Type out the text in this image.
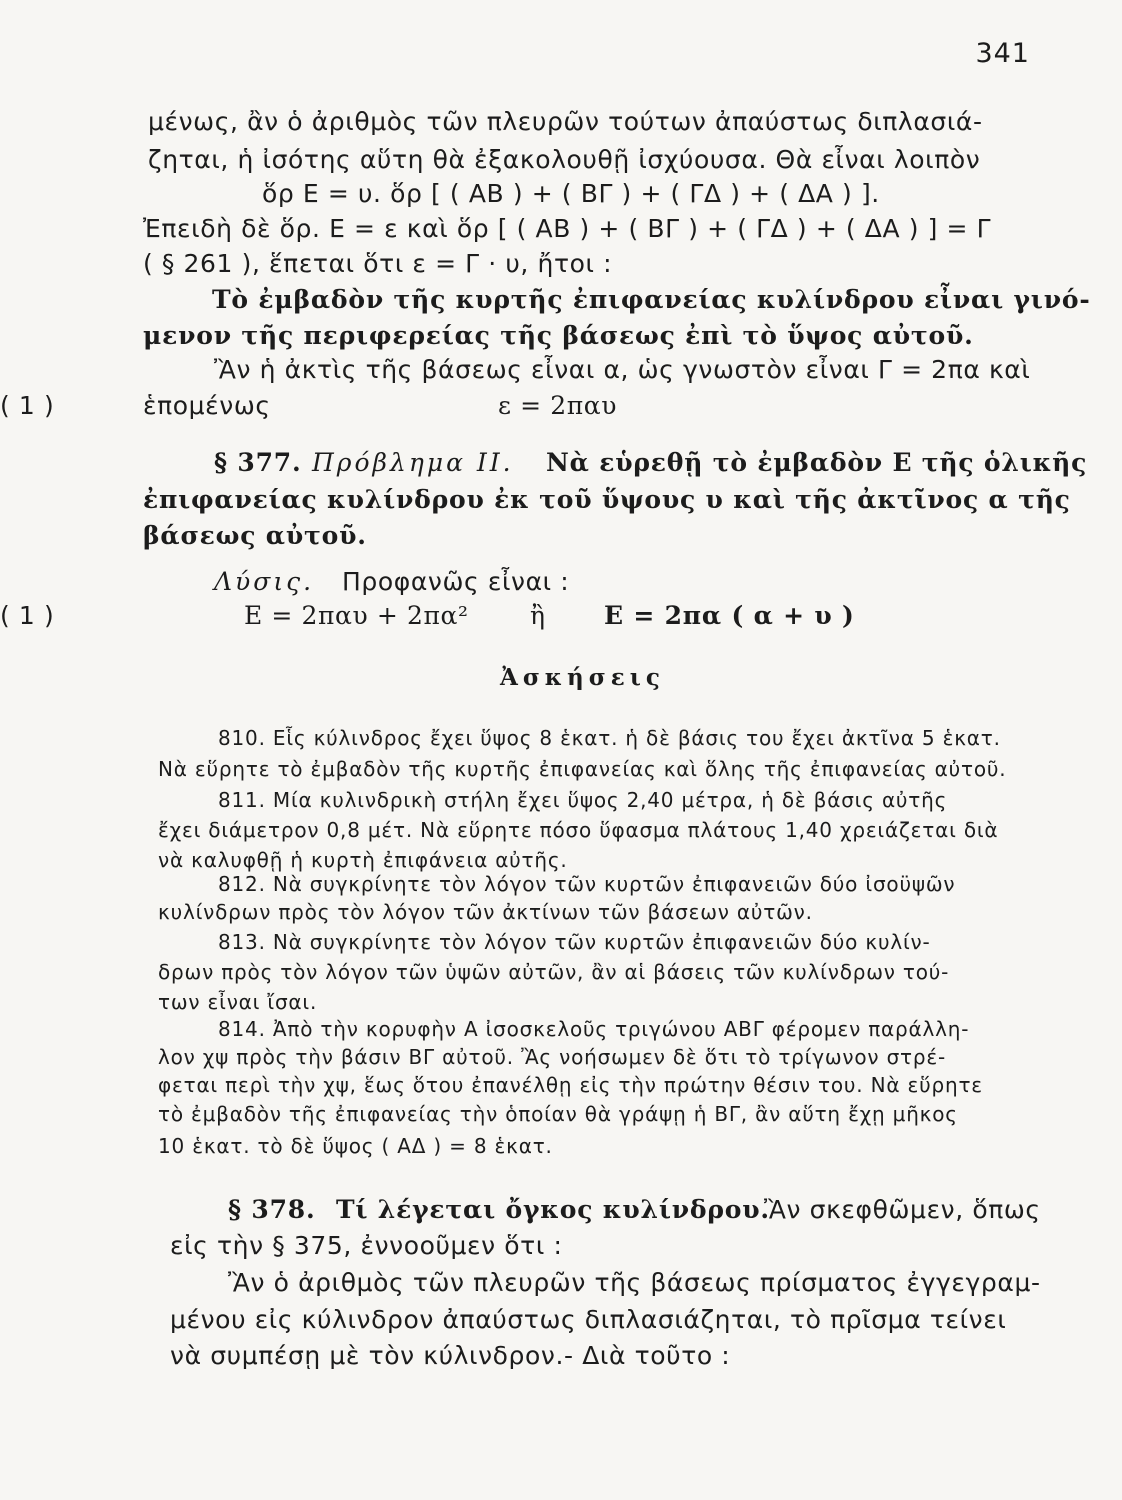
341
μένως, ἂν ὁ ἀριθμὸς τῶν πλευρῶν τούτων ἀπαύστως διπλασιά-
ζηται, ἡ ἰσότης αὕτη θὰ ἐξακολουθῇ ἰσχύουσα. Θὰ εἶναι λοιπὸν
ὅρ Ε = υ. ὅρ [ ( ΑΒ ) + ( ΒΓ ) + ( ΓΔ ) + ( ΔΑ ) ].
Ἐπειδὴ δὲ ὅρ. Ε = ε καὶ ὅρ [ ( ΑΒ ) + ( ΒΓ ) + ( ΓΔ ) + ( ΔΑ ) ] = Γ
( § 261 ), ἕπεται ὅτι ε = Γ · υ, ἤτοι :
Τὸ ἐμβαδὸν τῆς κυρτῆς ἐπιφανείας κυλίνδρου εἶναι γινό-
μενον τῆς περιφερείας τῆς βάσεως ἐπὶ τὸ ὕψος αὐτοῦ.
Ἂν ἡ ἀκτὶς τῆς βάσεως εἶναι α, ὡς γνωστὸν εἶναι Γ = 2πα καὶ
ἑπομένως	ε = 2παυ
( 1 )
§ 377. Πρόβλημα ΙΙ. Νὰ εὑρεθῇ τὸ ἐμβαδὸν Ε τῆς ὁλικῆς
ἐπιφανείας κυλίνδρου ἐκ τοῦ ὕψους υ καὶ τῆς ἀκτῖνος α τῆς
βάσεως αὐτοῦ.
Λύσις. Προφανῶς εἶναι :
Ε = 2παυ + 2πα² ἢ Ε = 2πα ( α + υ )
( 1 )
Ἀσκήσεις
810. Εἷς κύλινδρος ἔχει ὕψος 8 ἑκατ. ἡ δὲ βάσις του ἔχει ἀκτῖνα 5 ἑκατ.
Νὰ εὕρητε τὸ ἐμβαδὸν τῆς κυρτῆς ἐπιφανείας καὶ ὅλης τῆς ἐπιφανείας αὐτοῦ.
811. Μία κυλινδρικὴ στήλη ἔχει ὕψος 2,40 μέτρα, ἡ δὲ βάσις αὐτῆς
ἔχει διάμετρον 0,8 μέτ. Νὰ εὕρητε πόσο ὕφασμα πλάτους 1,40 χρειάζεται διὰ
νὰ καλυφθῇ ἡ κυρτὴ ἐπιφάνεια αὐτῆς.
812. Νὰ συγκρίνητε τὸν λόγον τῶν κυρτῶν ἐπιφανειῶν δύο ἰσοϋψῶν
κυλίνδρων πρὸς τὸν λόγον τῶν ἀκτίνων τῶν βάσεων αὐτῶν.
813. Νὰ συγκρίνητε τὸν λόγον τῶν κυρτῶν ἐπιφανειῶν δύο κυλίν-
δρων πρὸς τὸν λόγον τῶν ὑψῶν αὐτῶν, ἂν αἱ βάσεις τῶν κυλίνδρων τού-
των εἶναι ἴσαι.
814. Ἀπὸ τὴν κορυφὴν Α ἰσοσκελοῦς τριγώνου ΑΒΓ φέρομεν παράλλη-
λον χψ πρὸς τὴν βάσιν ΒΓ αὐτοῦ. Ἂς νοήσωμεν δὲ ὅτι τὸ τρίγωνον στρέ-
φεται περὶ τὴν χψ, ἕως ὅτου ἐπανέλθῃ εἰς τὴν πρώτην θέσιν του. Νὰ εὕρητε
τὸ ἐμβαδὸν τῆς ἐπιφανείας τὴν ὁποίαν θὰ γράψῃ ἡ ΒΓ, ἂν αὕτη ἔχῃ μῆκος
10 ἑκατ. τὸ δὲ ὕψος ( ΑΔ ) = 8 ἑκατ.
§ 378. Τί λέγεται ὄγκος κυλίνδρου.
Ἂν σκεφθῶμεν, ὅπως
εἰς τὴν § 375, ἐννοοῦμεν ὅτι :
Ἂν ὁ ἀριθμὸς τῶν πλευρῶν τῆς βάσεως πρίσματος ἐγγεγραμ-
μένου εἰς κύλινδρον ἀπαύστως διπλασιάζηται, τὸ πρῖσμα τείνει
νὰ συμπέσῃ μὲ τὸν κύλινδρον.- Διὰ τοῦτο :
